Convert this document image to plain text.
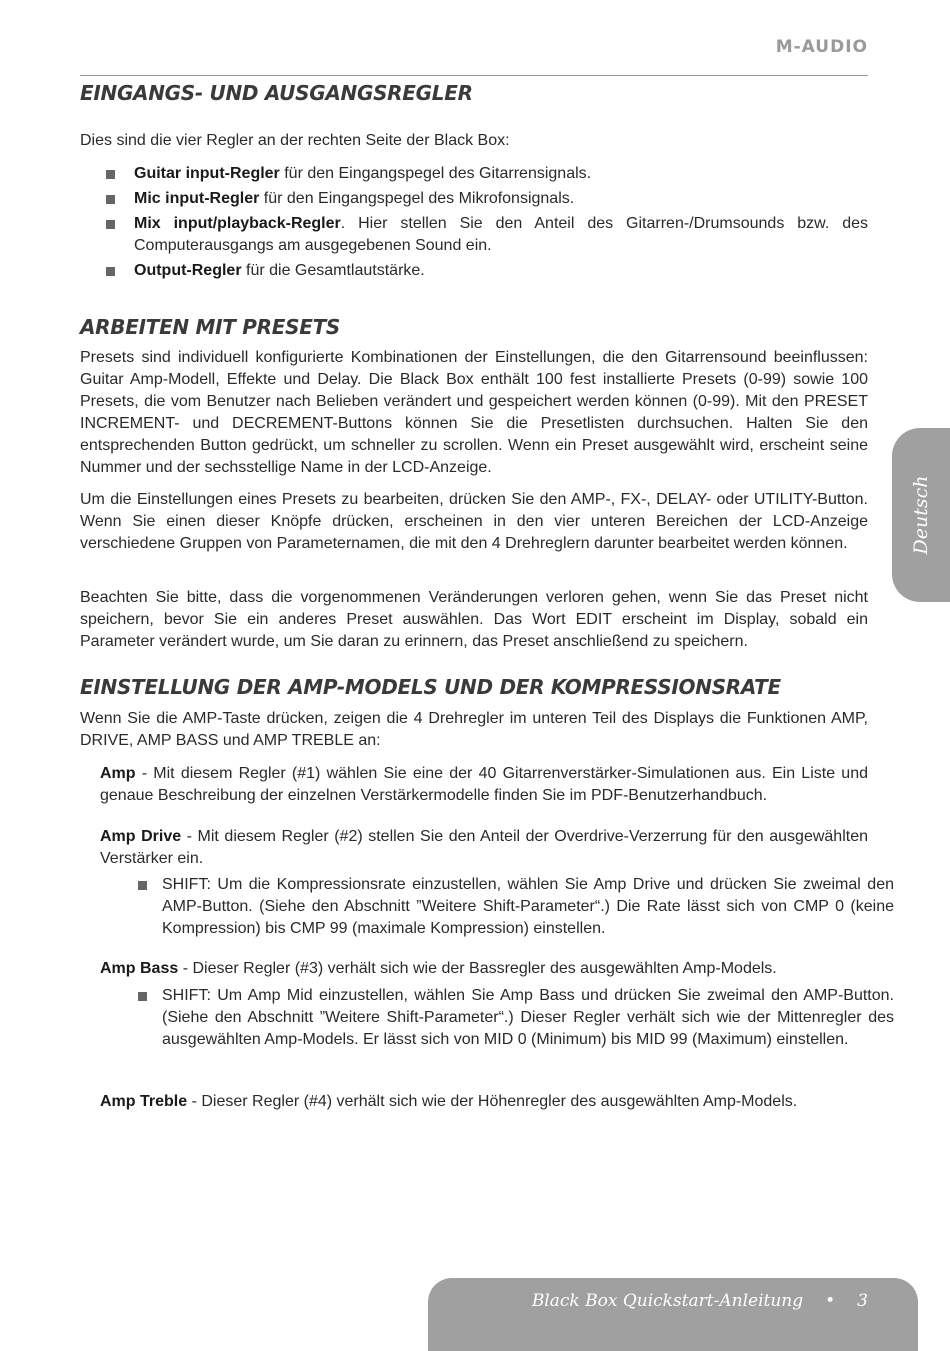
M-AUDIO
EINGANGS- UND AUSGANGSREGLER

Dies sind die vier Regler an der rechten Seite der Black Box:

Guitar input-Regler für den Eingangspegel des Gitarrensignals.
Mic input-Regler für den Eingangspegel des Mikrofonsignals.
Mix input/playback-Regler. Hier stellen Sie den Anteil des Gitarren-/Drumsounds bzw. des Computerausgangs am ausgegebenen Sound ein.
Output-Regler für die Gesamtlautstärke.
ARBEITEN MIT PRESETS

Presets sind individuell konfigurierte Kombinationen der Einstellungen, die den Gitarrensound beeinflussen: Guitar Amp-Modell, Effekte und Delay. Die Black Box enthält 100 fest installierte Presets (0-99) sowie 100 Presets, die vom Benutzer nach Belieben verändert und gespeichert werden können (0-99). Mit den PRESET INCREMENT- und DECREMENT-Buttons können Sie die Presetlisten durchsuchen. Halten Sie den entsprechenden Button gedrückt, um schneller zu scrollen. Wenn ein Preset ausgewählt wird, erscheint seine Nummer und der sechsstellige Name in der LCD-Anzeige.

Um die Einstellungen eines Presets zu bearbeiten, drücken Sie den AMP-, FX-, DELAY- oder UTILITY-Button. Wenn Sie einen dieser Knöpfe drücken, erscheinen in den vier unteren Bereichen der LCD-Anzeige verschiedene Gruppen von Parameternamen, die mit den 4 Drehreglern darunter bearbeitet werden können.

Beachten Sie bitte, dass die vorgenommenen Veränderungen verloren gehen, wenn Sie das Preset nicht speichern, bevor Sie ein anderes Preset auswählen. Das Wort EDIT erscheint im Display, sobald ein Parameter verändert wurde, um Sie daran zu erinnern, das Preset anschließend zu speichern.

EINSTELLUNG DER AMP-MODELS UND DER KOMPRESSIONSRATE

Wenn Sie die AMP-Taste drücken, zeigen die 4 Drehregler im unteren Teil des Displays die Funktionen AMP, DRIVE, AMP BASS und AMP TREBLE an:

Amp - Mit diesem Regler (#1) wählen Sie eine der 40 Gitarrenverstärker-Simulationen aus. Ein Liste und genaue Beschreibung der einzelnen Verstärkermodelle finden Sie im PDF-Benutzerhandbuch.

Amp Drive - Mit diesem Regler (#2) stellen Sie den Anteil der Overdrive-Verzerrung für den ausgewählten Verstärker ein.

SHIFT: Um die Kompressionsrate einzustellen, wählen Sie Amp Drive und drücken Sie zweimal den AMP-Button. (Siehe den Abschnitt ”Weitere Shift-Parameter“.) Die Rate lässt sich von CMP 0 (keine Kompression) bis CMP 99 (maximale Kompression) einstellen.

Amp Bass - Dieser Regler (#3) verhält sich wie der Bassregler des ausgewählten Amp-Models.

SHIFT: Um Amp Mid einzustellen, wählen Sie Amp Bass und drücken Sie zweimal den AMP-Button. (Siehe den Abschnitt ”Weitere Shift-Parameter“.) Dieser Regler verhält sich wie der Mittenregler des ausgewählten Amp-Models. Er lässt sich von MID 0 (Minimum) bis MID 99 (Maximum) einstellen.

Amp Treble - Dieser Regler (#4) verhält sich wie der Höhenregler des ausgewählten Amp-Models.

Deutsch
Black Box Quickstart-Anleitung • 3
